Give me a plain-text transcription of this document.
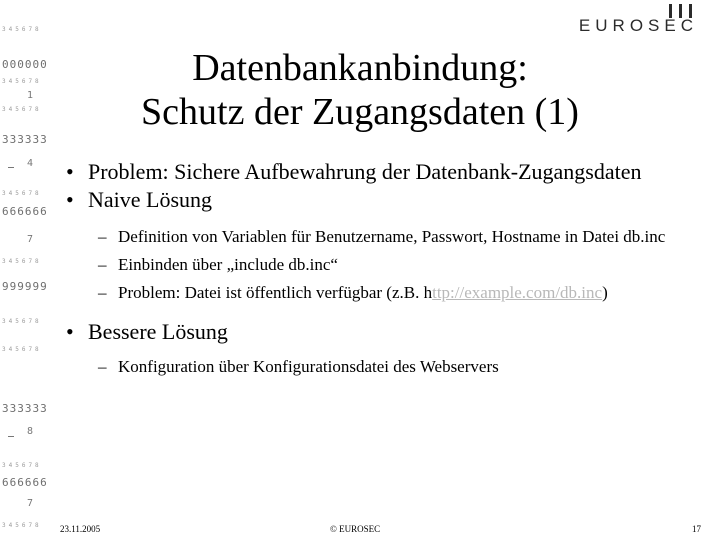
345678
000000
345678
1
345678
333333
4
345678
666666
7
345678
999999
345678
345678
333333
8
345678
666666
7
345678
EUROSEC
Datenbankanbindung:
Schutz der Zugangsdaten (1)
• Problem: Sichere Aufbewahrung der Datenbank-Zugangsdaten
• Naive Lösung
– Definition von Variablen für Benutzername, Passwort, Hostname in Datei db.inc
– Einbinden über „include db.inc“
– Problem: Datei ist öffentlich verfügbar (z.B. http://example.com/db.inc)
• Bessere Lösung
– Konfiguration über Konfigurationsdatei des Webservers
23.11.2005	© EUROSEC	17
